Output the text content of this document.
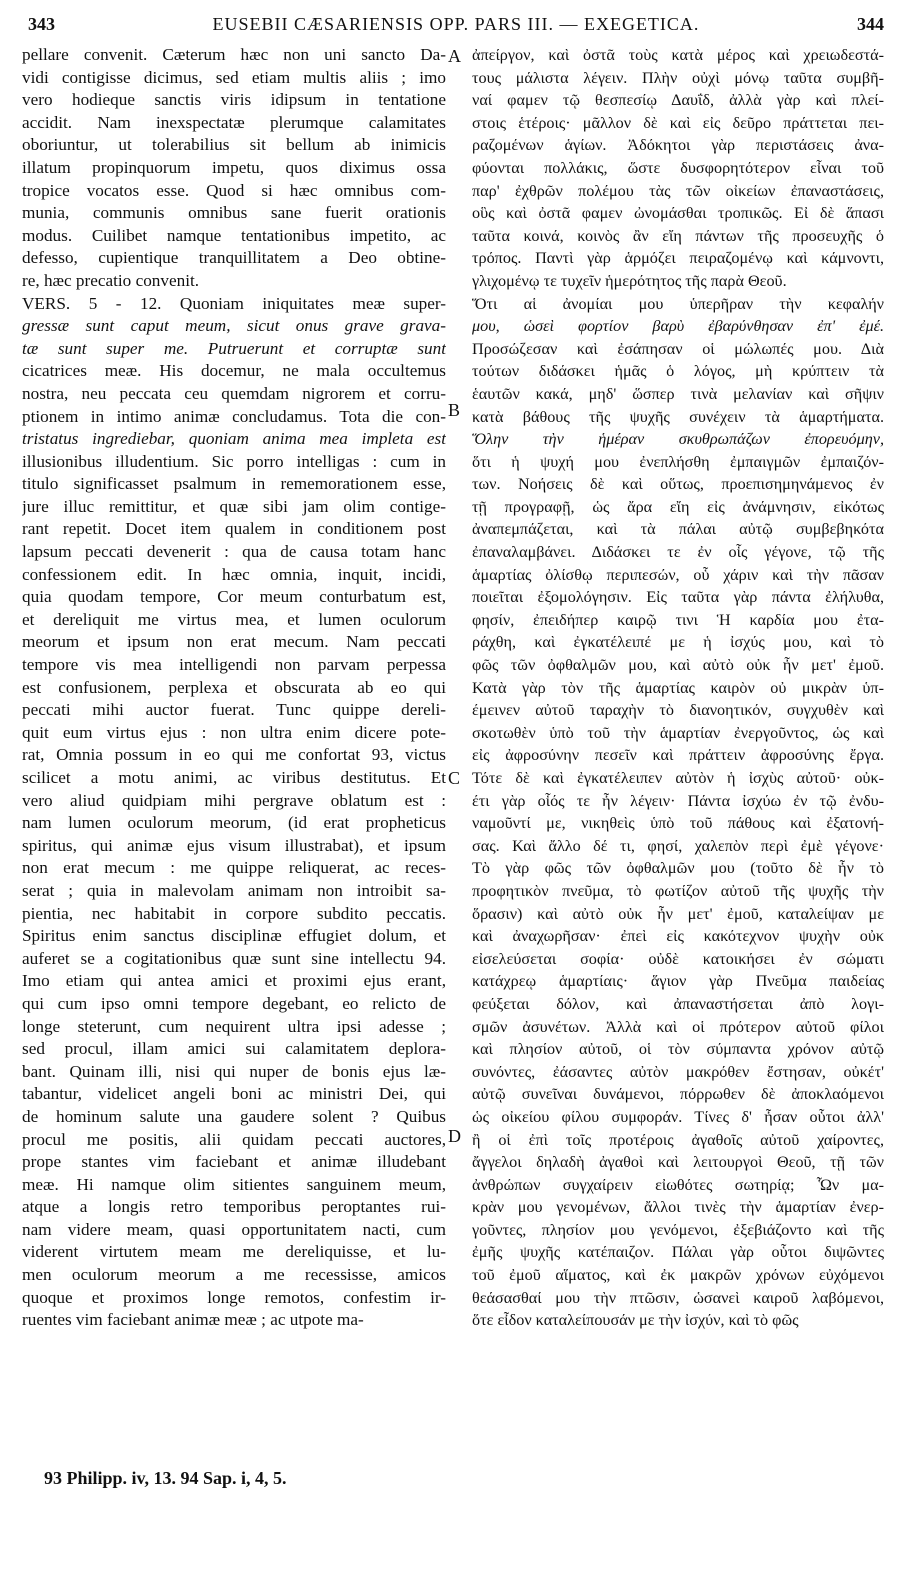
343	EUSEBII CÆSARIENSIS OPP. PARS III. — EXEGETICA.	344
pellare convenit. Cæterum hæc non uni sancto Da-
vidi contigisse dicimus, sed etiam multis aliis ; imo
vero hodieque sanctis viris idipsum in tentatione
accidit. Nam inexspectatæ plerumque calamitates
oboriuntur, ut tolerabilius sit bellum ab inimicis
illatum propinquorum impetu, quos diximus ossa
tropice vocatos esse. Quod si hæc omnibus com-
munia, communis omnibus sane fuerit orationis
modus. Cuilibet namque tentationibus impetito, ac
defesso, cupientique tranquillitatem a Deo obtine-
re, hæc precatio convenit.
VERS. 5 - 12. Quoniam iniquitates meæ super-
gressæ sunt caput meum, sicut onus grave grava-
tæ sunt super me. Putruerunt et corruptæ sunt
cicatrices meæ. His docemur, ne mala occultemus
nostra, neu peccata ceu quemdam nigrorem et corru-
ptionem in intimo animæ concludamus. Tota die con-
tristatus ingrediebar, quoniam anima mea impleta est
illusionibus illudentium. Sic porro intelligas : cum in
titulo significasset psalmum in rememorationem esse,
jure illuc remittitur, et quæ sibi jam olim contige-
rant repetit. Docet item qualem in conditionem post
lapsum peccati devenerit : qua de causa totam hanc
confessionem edit. In hæc omnia, inquit, incidi,
quia quodam tempore, Cor meum conturbatum est,
et dereliquit me virtus mea, et lumen oculorum
meorum et ipsum non erat mecum. Nam peccati
tempore vis mea intelligendi non parvam perpessa
est confusionem, perplexa et obscurata ab eo qui
peccati mihi auctor fuerat. Tunc quippe dereli-
quit eum virtus ejus : non ultra enim dicere pote-
rat, Omnia possum in eo qui me confortat 93, victus
scilicet a motu animi, ac viribus destitutus. Et
vero aliud quidpiam mihi pergrave oblatum est :
nam lumen oculorum meorum, (id erat propheticus
spiritus, qui animæ ejus visum illustrabat), et ipsum
non erat mecum : me quippe reliquerat, ac reces-
serat ; quia in malevolam animam non introibit sa-
pientia, nec habitabit in corpore subdito peccatis.
Spiritus enim sanctus disciplinæ effugiet dolum, et
auferet se a cogitationibus quæ sunt sine intellectu 94.
Imo etiam qui antea amici et proximi ejus erant,
qui cum ipso omni tempore degebant, eo relicto de
longe steterunt, cum nequirent ultra ipsi adesse ;
sed procul, illam amici sui calamitatem deplora-
bant. Quinam illi, nisi qui nuper de bonis ejus læ-
tabantur, videlicet angeli boni ac ministri Dei, qui
de hominum salute una gaudere solent ? Quibus
procul me positis, alii quidam peccati auctores,
prope stantes vim faciebant et animæ illudebant
meæ. Hi namque olim sitientes sanguinem meum,
atque a longis retro temporibus peroptantes rui-
nam videre meam, quasi opportunitatem nacti, cum
viderent virtutem meam me dereliquisse, et lu-
men oculorum meorum a me recessisse, amicos
quoque et proximos longe remotos, confestim ir-
ruentes vim faciebant animæ meæ ; ac utpote ma-
A
B
C
D
ἀπείργον, καὶ ὀστᾶ τοὺς κατὰ μέρος καὶ χρειωδεστά-
τους μάλιστα λέγειν. Πλὴν οὐχὶ μόνῳ ταῦτα συμβῆ-
ναί φαμεν τῷ θεσπεσίῳ Δαυΐδ, ἀλλὰ γὰρ καὶ πλεί-
στοις ἑτέροις· μᾶλλον δὲ καὶ εἰς δεῦρο πράττεται πει-
ραζομένων ἁγίων. Ἀδόκητοι γὰρ περιστάσεις ἀνα-
φύονται πολλάκις, ὥστε δυσφορητότερον εἶναι τοῦ
παρ' ἐχθρῶν πολέμου τὰς τῶν οἰκείων ἐπαναστάσεις,
οὓς καὶ ὀστᾶ φαμεν ὠνομάσθαι τροπικῶς. Εἰ δὲ ἅπασι
ταῦτα κοινά, κοινὸς ἂν εἴη πάντων τῆς προσευχῆς ὁ
τρόπος. Παντὶ γὰρ ἁρμόζει πειραζομένῳ καὶ κάμνοντι,
γλιχομένῳ τε τυχεῖν ἡμερότητος τῆς παρὰ Θεοῦ.
Ὅτι αἱ ἀνομίαι μου ὑπερῆραν τὴν κεφαλήν
μου, ὡσεὶ φορτίον βαρὺ ἐβαρύνθησαν ἐπ' ἐμέ.
Προσώζεσαν καὶ ἐσάπησαν οἱ μώλωπές μου. Διὰ
τούτων διδάσκει ἡμᾶς ὁ λόγος, μὴ κρύπτειν τὰ
ἑαυτῶν κακά, μηδ' ὥσπερ τινὰ μελανίαν καὶ σῆψιν
κατὰ βάθους τῆς ψυχῆς συνέχειν τὰ ἁμαρτήματα.
Ὅλην τὴν ἡμέραν σκυθρωπάζων ἐπορευόμην,
ὅτι ἡ ψυχή μου ἐνεπλήσθη ἐμπαιγμῶν ἐμπαιζόν-
των. Νοήσεις δὲ καὶ οὕτως, προεπισημηνάμενος ἐν
τῇ προγραφῇ, ὡς ἄρα εἴη εἰς ἀνάμνησιν, εἰκότως
ἀναπεμπάζεται, καὶ τὰ πάλαι αὐτῷ συμβεβηκότα
ἐπαναλαμβάνει. Διδάσκει τε ἐν οἷς γέγονε, τῷ τῆς
ἁμαρτίας ὀλίσθῳ περιπεσών, οὗ χάριν καὶ τὴν πᾶσαν
ποιεῖται ἐξομολόγησιν. Εἰς ταῦτα γὰρ πάντα ἐλήλυθα,
φησίν, ἐπειδήπερ καιρῷ τινι Ἡ καρδία μου ἐτα-
ράχθη, καὶ ἐγκατέλειπέ με ἡ ἰσχύς μου, καὶ τὸ
φῶς τῶν ὀφθαλμῶν μου, καὶ αὐτὸ οὐκ ἦν μετ' ἐμοῦ.
Κατὰ γὰρ τὸν τῆς ἁμαρτίας καιρὸν οὐ μικρὰν ὑπ-
έμεινεν αὐτοῦ ταραχὴν τὸ διανοητικόν, συγχυθὲν καὶ
σκοτωθὲν ὑπὸ τοῦ τὴν ἁμαρτίαν ἐνεργοῦντος, ὡς καὶ
εἰς ἀφροσύνην πεσεῖν καὶ πράττειν ἀφροσύνης ἔργα.
Τότε δὲ καὶ ἐγκατέλειπεν αὐτὸν ἡ ἰσχὺς αὐτοῦ· οὐκ-
έτι γὰρ οἷός τε ἦν λέγειν· Πάντα ἰσχύω ἐν τῷ ἐνδυ-
ναμοῦντί με, νικηθεὶς ὑπὸ τοῦ πάθους καὶ ἐξατονή-
σας. Καὶ ἄλλο δέ τι, φησί, χαλεπὸν περὶ ἐμὲ γέγονε·
Τὸ γὰρ φῶς τῶν ὀφθαλμῶν μου (τοῦτο δὲ ἦν τὸ
προφητικὸν πνεῦμα, τὸ φωτίζον αὐτοῦ τῆς ψυχῆς τὴν
ὅρασιν) καὶ αὐτὸ οὐκ ἦν μετ' ἐμοῦ, καταλείψαν με
καὶ ἀναχωρῆσαν· ἐπεὶ εἰς κακότεχνον ψυχὴν οὐκ
εἰσελεύσεται σοφία· οὐδὲ κατοικήσει ἐν σώματι
κατάχρεῳ ἁμαρτίαις· ἅγιον γὰρ Πνεῦμα παιδείας
φεύξεται δόλον, καὶ ἀπαναστήσεται ἀπὸ λογι-
σμῶν ἀσυνέτων. Ἀλλὰ καὶ οἱ πρότερον αὐτοῦ φίλοι
καὶ πλησίον αὐτοῦ, οἱ τὸν σύμπαντα χρόνον αὐτῷ
συνόντες, ἐάσαντες αὐτὸν μακρόθεν ἔστησαν, οὐκέτ'
αὐτῷ συνεῖναι δυνάμενοι, πόρρωθεν δὲ ἀποκλαόμενοι
ὡς οἰκείου φίλου συμφοράν. Τίνες δ' ἦσαν οὗτοι ἀλλ'
ἢ οἱ ἐπὶ τοῖς προτέροις ἀγαθοῖς αὐτοῦ χαίροντες,
ἄγγελοι δηλαδὴ ἀγαθοὶ καὶ λειτουργοὶ Θεοῦ, τῇ τῶν
ἀνθρώπων συγχαίρειν εἰωθότες σωτηρίᾳ; Ὧν μα-
κρὰν μου γενομένων, ἄλλοι τινὲς τὴν ἁμαρτίαν ἐνερ-
γοῦντες, πλησίον μου γενόμενοι, ἐξεβιάζοντο καὶ τῆς
ἐμῆς ψυχῆς κατέπαιζον. Πάλαι γὰρ οὗτοι διψῶντες
τοῦ ἐμοῦ αἵματος, καὶ ἐκ μακρῶν χρόνων εὐχόμενοι
θεάσασθαί μου τὴν πτῶσιν, ὡσανεὶ καιροῦ λαβόμενοι,
ὅτε εἶδον καταλείπουσάν με τὴν ἰσχύν, καὶ τὸ φῶς
93 Philipp. iv, 13. 94 Sap. i, 4, 5.
